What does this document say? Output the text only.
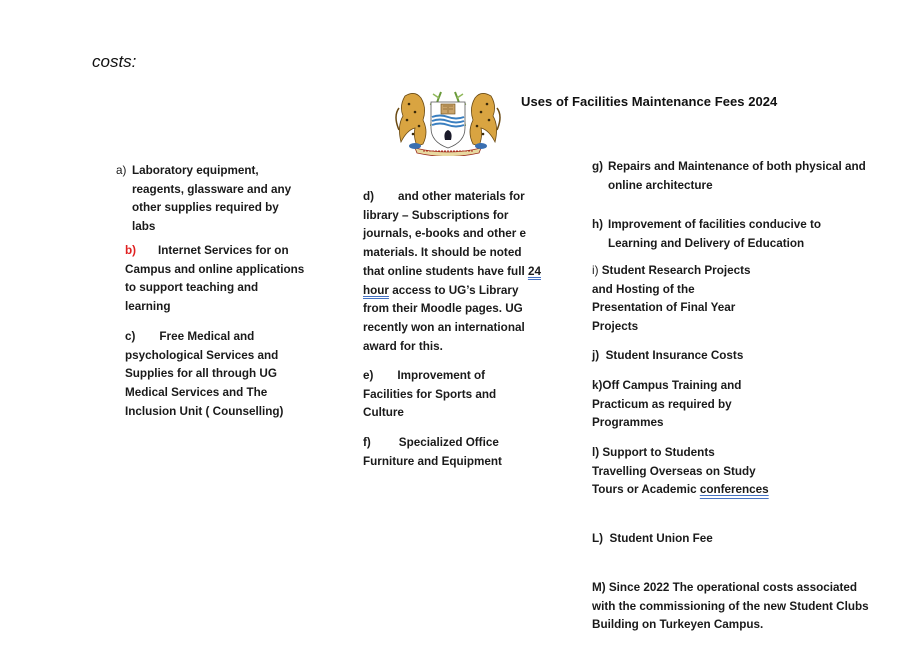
costs:
Uses of Facilities Maintenance Fees 2024
a) Laboratory equipment, reagents, glassware and any other supplies required by labs
b) Internet Services for on Campus and online applications to support teaching and learning
c) Free Medical and psychological Services and Supplies for all through UG Medical Services and The Inclusion Unit ( Counselling)
d) and other materials for library – Subscriptions for journals, e-books and other e materials. It should be noted that online students have full 24 hour access to UG’s Library from their Moodle pages. UG recently won an international award for this.
e) Improvement of Facilities for Sports and Culture
f) Specialized Office Furniture and Equipment
g) Repairs and Maintenance of both physical and online architecture
h) Improvement of facilities conducive to Learning and Delivery of Education
i) Student Research Projects and Hosting of the Presentation of Final Year Projects
j) Student Insurance Costs
k)Off Campus Training and Practicum as required by Programmes
l) Support to Students Travelling Overseas on Study Tours or Academic conferences
L) Student Union Fee
M) Since 2022 The operational costs associated with the commissioning of the new Student Clubs Building on Turkeyen Campus.
